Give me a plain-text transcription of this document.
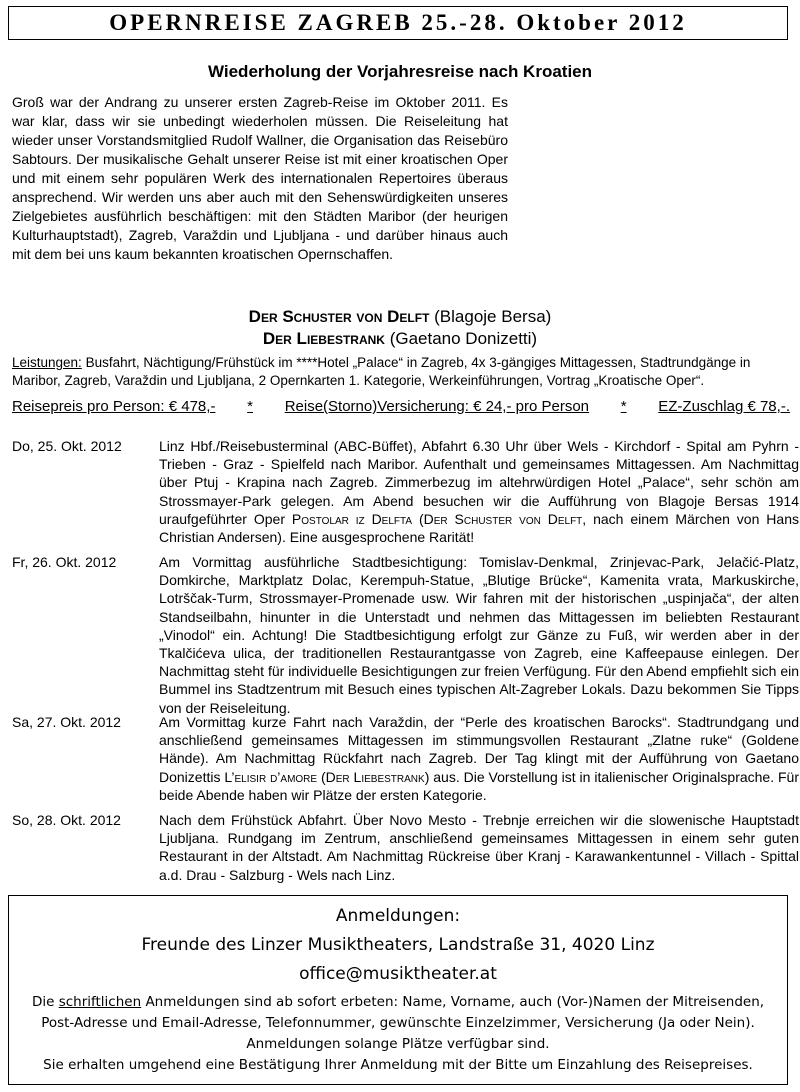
OPERNREISE ZAGREB 25.-28. Oktober 2012
Wiederholung der Vorjahresreise nach Kroatien

Groß war der Andrang zu unserer ersten Zagreb-Reise im Oktober 2011. Es war klar, dass wir sie unbedingt wiederholen müssen. Die Reiseleitung hat wieder unser Vorstandsmitglied Rudolf Wallner, die Organisation das Reisebüro Sabtours. Der musikalische Gehalt unserer Reise ist mit einer kroatischen Oper und mit einem sehr populären Werk des internationalen Repertoires überaus ansprechend. Wir werden uns aber auch mit den Sehenswürdigkeiten unseres Zielgebietes ausführlich beschäftigen: mit den Städten Maribor (der heurigen Kulturhauptstadt), Zagreb, Varaždin und Ljubljana - und darüber hinaus auch mit dem bei uns kaum bekannten kroatischen Opernschaffen.

Der Schuster von Delft (Blagoje Bersa)
Der Liebestrank (Gaetano Donizetti)

Leistungen: Busfahrt, Nächtigung/Frühstück im ****Hotel „Palace“ in Zagreb, 4x 3-gängiges Mittagessen, Stadtrundgänge in Maribor, Zagreb, Varaždin und Ljubljana, 2 Opernkarten 1. Kategorie, Werkeinführungen, Vortrag „Kroatische Oper“.

Reisepreis pro Person: € 478,- * Reise(Storno)Versicherung: € 24,- pro Person * EZ-Zuschlag € 78,-.
Do, 25. Okt. 2012	Linz Hbf./Reisebusterminal (ABC-Büffet), Abfahrt 6.30 Uhr über Wels - Kirchdorf - Spital am Pyhrn - Trieben - Graz - Spielfeld nach Maribor. Aufenthalt und gemeinsames Mittagessen. Am Nachmittag über Ptuj - Krapina nach Zagreb. Zimmerbezug im altehrwürdigen Hotel „Palace“, sehr schön am Strossmayer-Park gelegen. Am Abend besuchen wir die Aufführung von Blagoje Bersas 1914 uraufgeführter Oper Postolar iz Delfta (Der Schuster von Delft, nach einem Märchen von Hans Christian Andersen). Eine ausgesprochene Rarität!

Fr, 26. Okt. 2012	Am Vormittag ausführliche Stadtbesichtigung: Tomislav-Denkmal, Zrinjevac-Park, Jelačić-Platz, Domkirche, Marktplatz Dolac, Kerempuh-Statue, „Blutige Brücke“, Kamenita vrata, Markuskirche, Lotrščak-Turm, Strossmayer-Promenade usw. Wir fahren mit der historischen „uspinjača“, der alten Standseilbahn, hinunter in die Unterstadt und nehmen das Mittagessen im beliebten Restaurant „Vinodol“ ein. Achtung! Die Stadtbesichtigung erfolgt zur Gänze zu Fuß, wir werden aber in der Tkalčićeva ulica, der traditionellen Restaurantgasse von Zagreb, eine Kaffeepause einlegen. Der Nachmittag steht für individuelle Besichtigungen zur freien Verfügung. Für den Abend empfiehlt sich ein Bummel ins Stadtzentrum mit Besuch eines typischen Alt-Zagreber Lokals. Dazu bekommen Sie Tipps von der Reiseleitung.

Sa, 27. Okt. 2012	Am Vormittag kurze Fahrt nach Varaždin, der “Perle des kroatischen Barocks“. Stadtrundgang und anschließend gemeinsames Mittagessen im stimmungsvollen Restaurant „Zlatne ruke“ (Goldene Hände). Am Nachmittag Rückfahrt nach Zagreb. Der Tag klingt mit der Aufführung von Gaetano Donizettis L’elisir d’amore (Der Liebestrank) aus. Die Vorstellung ist in italienischer Originalsprache. Für beide Abende haben wir Plätze der ersten Kategorie.

So, 28. Okt. 2012	Nach dem Frühstück Abfahrt. Über Novo Mesto - Trebnje erreichen wir die slowenische Hauptstadt Ljubljana. Rundgang im Zentrum, anschließend gemeinsames Mittagessen in einem sehr guten Restaurant in der Altstadt. Am Nachmittag Rückreise über Kranj - Karawankentunnel - Villach - Spittal a.d. Drau - Salzburg - Wels nach Linz.

Anmeldungen:
Freunde des Linzer Musiktheaters, Landstraße 31, 4020 Linz
office@musiktheater.at
Die schriftlichen Anmeldungen sind ab sofort erbeten: Name, Vorname, auch (Vor-)Namen der Mitreisenden,
Post-Adresse und Email-Adresse, Telefonnummer, gewünschte Einzelzimmer, Versicherung (Ja oder Nein).
Anmeldungen solange Plätze verfügbar sind.
Sie erhalten umgehend eine Bestätigung Ihrer Anmeldung mit der Bitte um Einzahlung des Reisepreises.
